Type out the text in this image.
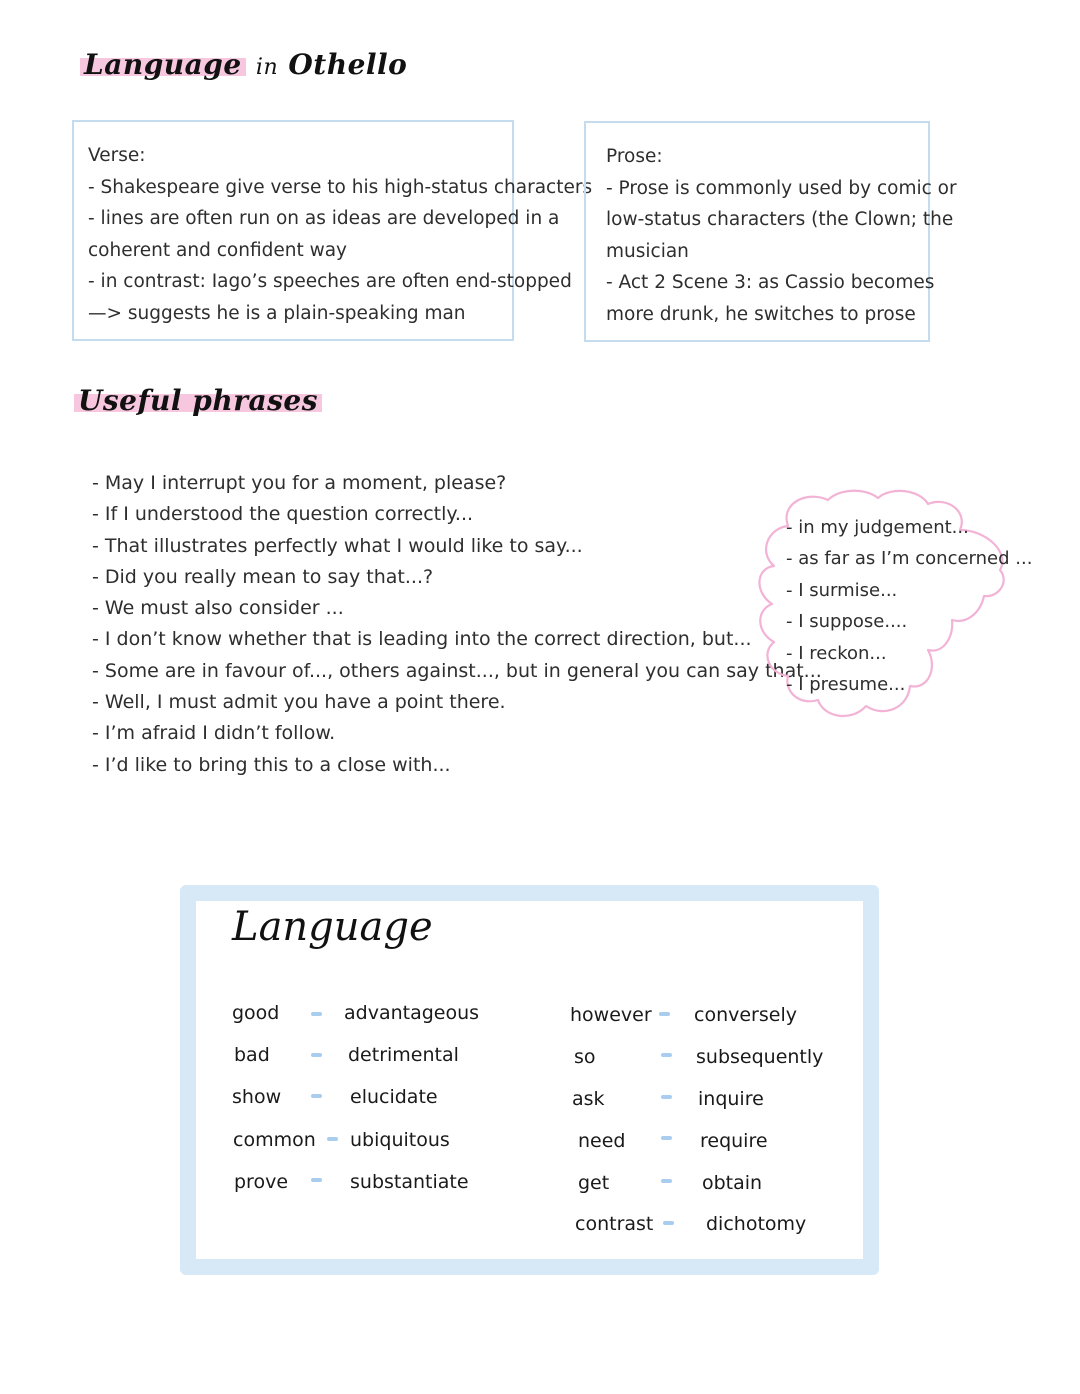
Language in Othello
Verse:
- Shakespeare give verse to his high-status characters
- lines are often run on as ideas are developed in a
coherent and confident way
- in contrast: Iago’s speeches are often end-stopped
—> suggests he is a plain-speaking man
Prose:
- Prose is commonly used by comic or
low-status characters (the Clown; the
musician
- Act 2 Scene 3: as Cassio becomes
more drunk, he switches to prose
Useful phrases
- May I interrupt you for a moment, please?
- If I understood the question correctly...
- That illustrates perfectly what I would like to say...
- Did you really mean to say that...?
- We must also consider ...
- I don’t know whether that is leading into the correct direction, but...
- Some are in favour of..., others against..., but in general you can say that...
- Well, I must admit you have a point there.
- I’m afraid I didn’t follow.
- I’d like to bring this to a close with...
- in my judgement...
- as far as I’m concerned ...
- I surmise...
- I suppose....
- I reckon...
- I presume...
Language
good	advantageous
bad	detrimental
show	elucidate
common ubiquitous
prove	substantiate
however conversely
so	subsequently
ask	inquire
need	require
get	obtain
contrast	dichotomy
